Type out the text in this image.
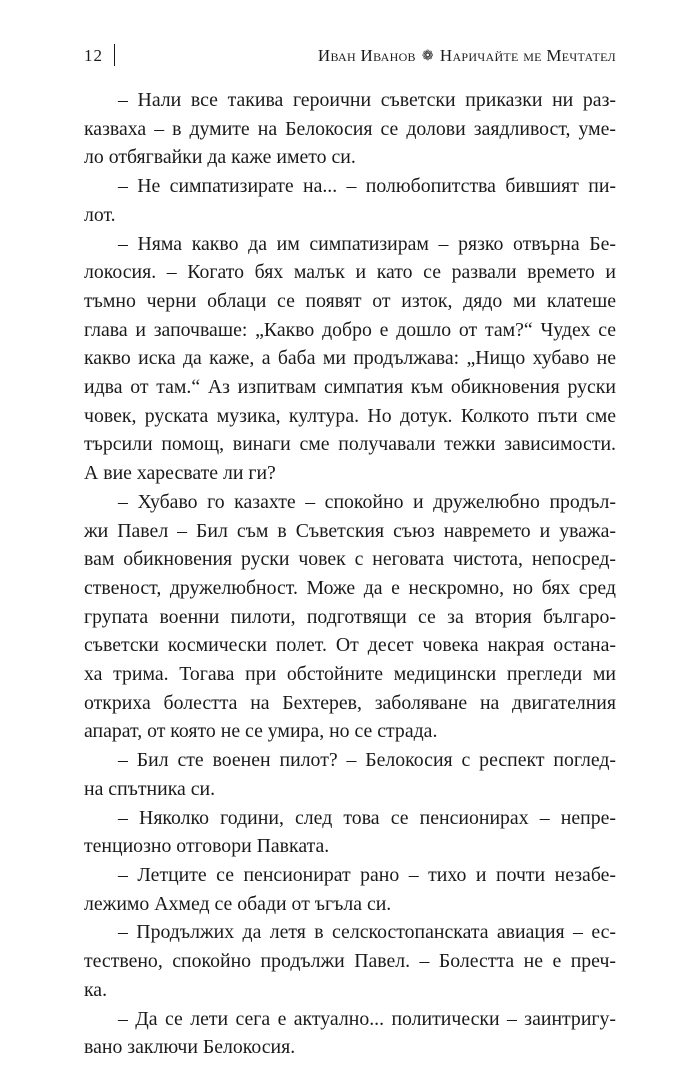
12	Иван Иванов ❁ Наричайте ме Мечтател

– Нали все такива героични съветски приказки ни раз-
казваха – в думите на Белокосия се долови заядливост, уме-
ло отбягвайки да каже името си.

– Не симпатизирате на... – полюбопитства бившият пи-
лот.

– Няма какво да им симпатизирам – рязко отвърна Бе-
локосия. – Когато бях малък и като се развали времето и
тъмно черни облаци се появят от изток, дядо ми клатеше
глава и започваше: „Какво добро е дошло от там?“ Чудех се
какво иска да каже, а баба ми продължава: „Нищо хубаво не
идва от там.“ Аз изпитвам симпатия към обикновения руски
човек, руската музика, култура. Но дотук. Колкото пъти сме
търсили помощ, винаги сме получавали тежки зависимости.
А вие харесвате ли ги?

– Хубаво го казахте – спокойно и дружелюбно продъл-
жи Павел – Бил съм в Съветския съюз навремето и уважа-
вам обикновения руски човек с неговата чистота, непосред-
ственост, дружелюбност. Може да е нескромно, но бях сред
групата военни пилоти, подготвящи се за втория българо-
съветски космически полет. От десет човека накрая остана-
ха трима. Тогава при обстойните медицински прегледи ми
откриха болестта на Бехтерев, заболяване на двигателния
апарат, от която не се умира, но се страда.

– Бил сте военен пилот? – Белокосия с респект поглед-
на спътника си.

– Няколко години, след това се пенсионирах – непре-
тенциозно отговори Павката.

– Летците се пенсионират рано – тихо и почти незабе-
лежимо Ахмед се обади от ъгъла си.

– Продължих да летя в селскостопанската авиация – ес-
тествено, спокойно продължи Павел. – Болестта не е преч-
ка.

– Да се лети сега е актуално... политически – заинтригу-
вано заключи Белокосия.
